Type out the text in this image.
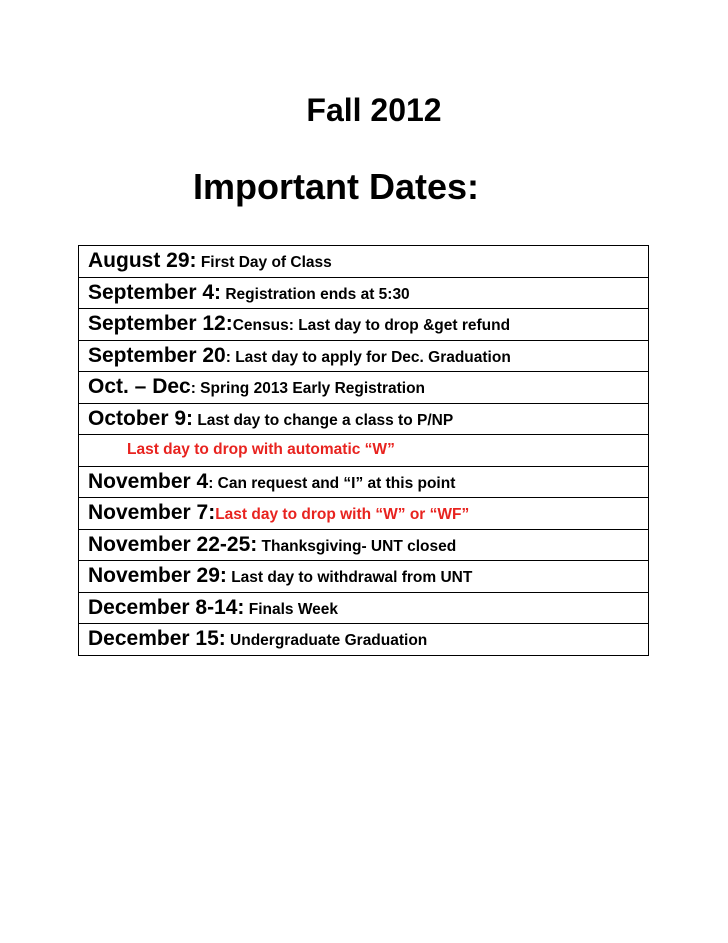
Fall 2012
Important Dates:
August 29: First Day of Class
September 4: Registration ends at 5:30
September 12:Census: Last day to drop &get refund
September 20: Last day to apply for Dec. Graduation
Oct. – Dec: Spring 2013 Early Registration
October 9: Last day to change a class to P/NP
Last day to drop with automatic “W”
November 4: Can request and “I” at this point
November 7:Last day to drop with “W” or “WF”
November 22-25: Thanksgiving- UNT closed
November 29: Last day to withdrawal from UNT
December 8-14: Finals Week
December 15: Undergraduate Graduation
